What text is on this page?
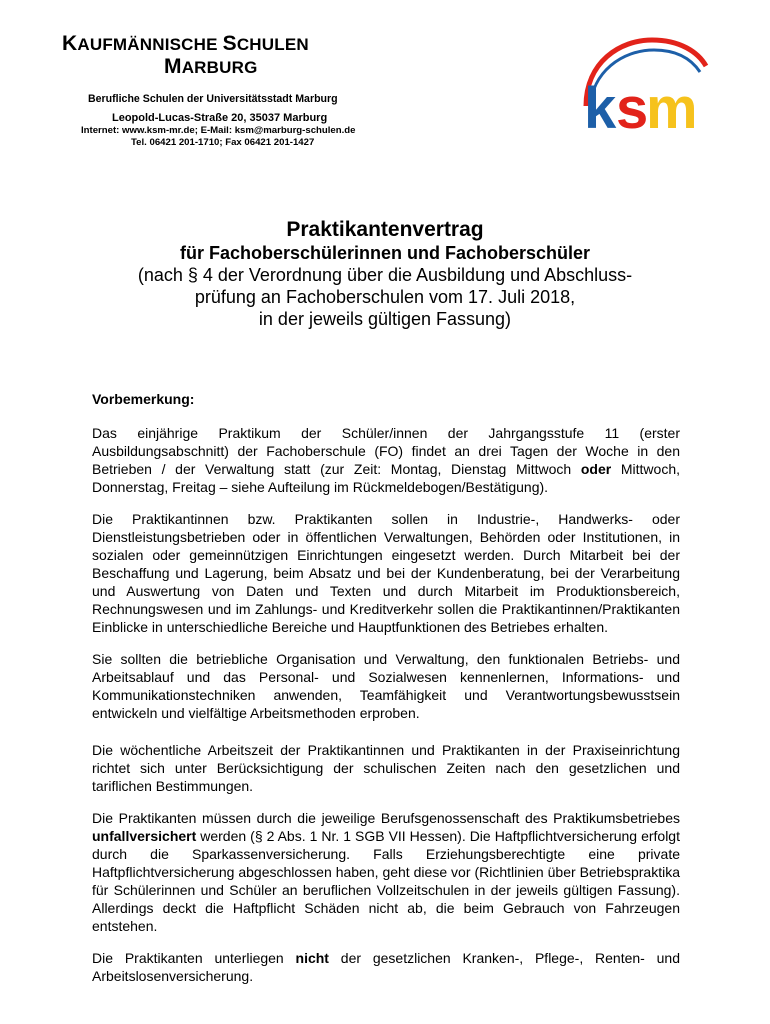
KAUFMÄNNISCHE SCHULEN
MARBURG
Berufliche Schulen der Universitätsstadt Marburg
Leopold-Lucas-Straße 20, 35037 Marburg
Internet: www.ksm-mr.de; E-Mail: ksm@marburg-schulen.de
Tel. 06421 201-1710; Fax 06421 201-1427
k s
m
ksm
Praktikantenvertrag
für Fachoberschülerinnen und Fachoberschüler
(nach § 4 der Verordnung über die Ausbildung und Abschluss-
prüfung an Fachoberschulen vom 17. Juli 2018,
in der jeweils gültigen Fassung)
Vorbemerkung:

Das einjährige Praktikum der Schüler/innen der Jahrgangsstufe 11 (erster Ausbildungsabschnitt) der Fachoberschule (FO) findet an drei Tagen der Woche in den Betrieben / der Verwaltung statt (zur Zeit: Montag, Dienstag Mittwoch oder Mittwoch, Donnerstag, Freitag – siehe Aufteilung im Rückmeldebogen/Bestätigung).

Die Praktikantinnen bzw. Praktikanten sollen in Industrie-, Handwerks- oder Dienstleistungsbetrieben oder in öffentlichen Verwaltungen, Behörden oder Institutionen, in sozialen oder gemeinnützigen Einrichtungen eingesetzt werden. Durch Mitarbeit bei der Beschaffung und Lagerung, beim Absatz und bei der Kundenberatung, bei der Verarbeitung und Auswertung von Daten und Texten und durch Mitarbeit im Produktionsbereich, Rechnungswesen und im Zahlungs- und Kreditverkehr sollen die Praktikantinnen/Praktikanten Einblicke in unterschiedliche Bereiche und Hauptfunktionen des Betriebes erhalten.

Sie sollten die betriebliche Organisation und Verwaltung, den funktionalen Betriebs- und Arbeitsablauf und das Personal- und Sozialwesen kennenlernen, Informations- und Kommunikationstechniken anwenden, Teamfähigkeit und Verantwortungsbewusstsein entwickeln und vielfältige Arbeitsmethoden erproben.

Die wöchentliche Arbeitszeit der Praktikantinnen und Praktikanten in der Praxiseinrichtung richtet sich unter Berücksichtigung der schulischen Zeiten nach den gesetzlichen und tariflichen Bestimmungen.

Die Praktikanten müssen durch die jeweilige Berufsgenossenschaft des Praktikumsbetriebes unfallversichert werden (§ 2 Abs. 1 Nr. 1 SGB VII Hessen). Die Haftpflichtversicherung erfolgt durch die Sparkassenversicherung. Falls Erziehungsberechtigte eine private Haftpflichtversicherung abgeschlossen haben, geht diese vor (Richtlinien über Betriebspraktika für Schülerinnen und Schüler an beruflichen Vollzeitschulen in der jeweils gültigen Fassung). Allerdings deckt die Haftpflicht Schäden nicht ab, die beim Gebrauch von Fahrzeugen entstehen.

Die Praktikanten unterliegen nicht der gesetzlichen Kranken-, Pflege-, Renten- und Arbeitslosenversicherung.
